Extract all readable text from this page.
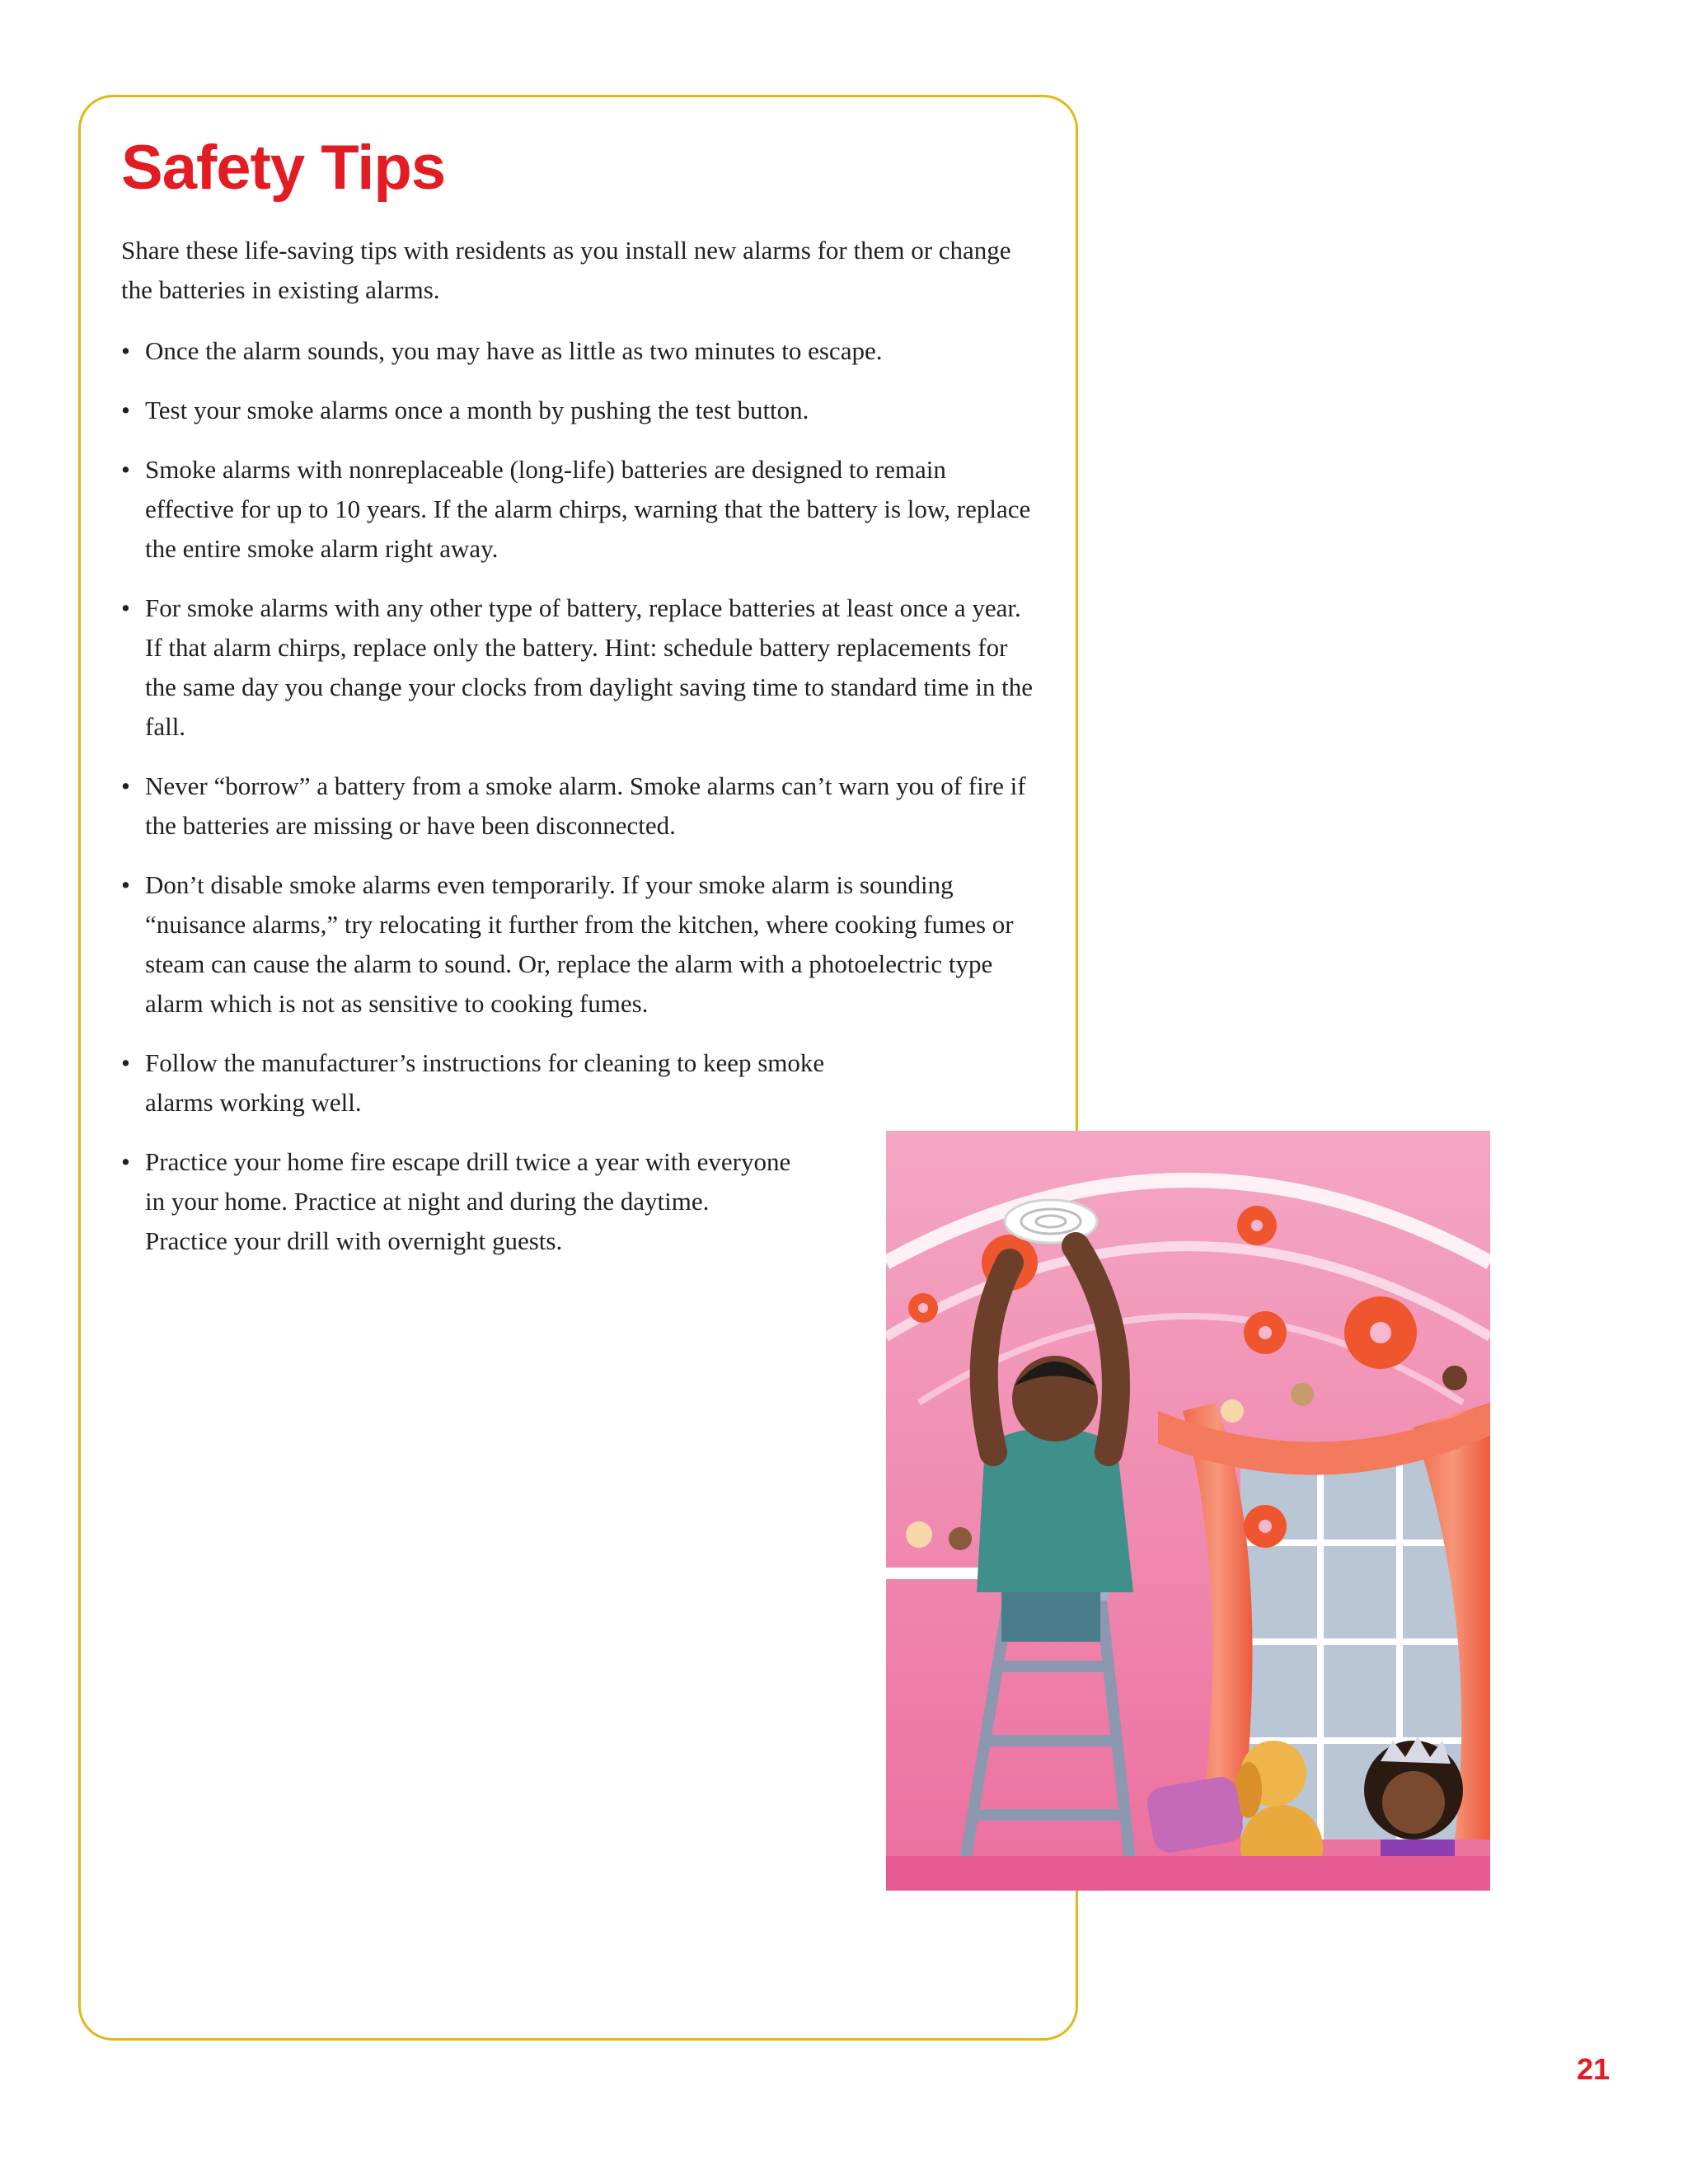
Safety Tips

Share these life-saving tips with residents as you install new alarms for them or change the batteries in existing alarms.

• Once the alarm sounds, you may have as little as two minutes to escape.
• Test your smoke alarms once a month by pushing the test button.
• Smoke alarms with nonreplaceable (long-life) batteries are designed to remain effective for up to 10 years. If the alarm chirps, warning that the battery is low, replace the entire smoke alarm right away.
• For smoke alarms with any other type of battery, replace batteries at least once a year. If that alarm chirps, replace only the battery. Hint: schedule battery replacements for the same day you change your clocks from daylight saving time to standard time in the fall.
• Never “borrow” a battery from a smoke alarm. Smoke alarms can’t warn you of fire if the batteries are missing or have been disconnected.
• Don’t disable smoke alarms even temporarily. If your smoke alarm is sounding “nuisance alarms,” try relocating it further from the kitchen, where cooking fumes or steam can cause the alarm to sound. Or, replace the alarm with a photoelectric type alarm which is not as sensitive to cooking fumes.
• Follow the manufacturer’s instructions for cleaning to keep smoke alarms working well.
• Practice your home fire escape drill twice a year with everyone in your home. Practice at night and during the daytime. Practice your drill with overnight guests.
21
